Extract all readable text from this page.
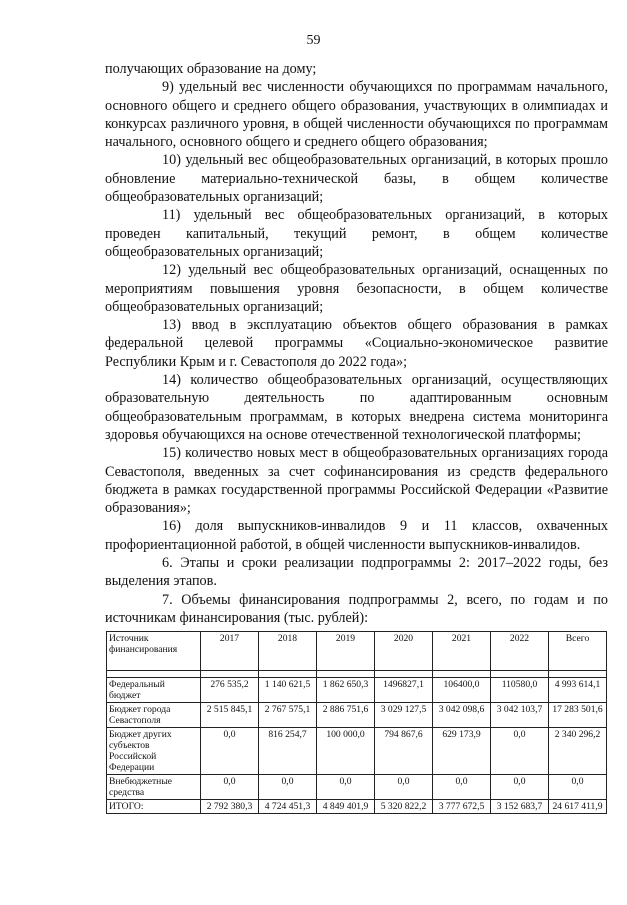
59

получающих образование на дому;

9) удельный вес численности обучающихся по программам начального, основного общего и среднего общего образования, участвующих в олимпиадах и конкурсах различного уровня, в общей численности обучающихся по программам начального, основного общего и среднего общего образования;

10) удельный вес общеобразовательных организаций, в которых прошло обновление материально-технической базы, в общем количестве общеобразовательных организаций;

11) удельный вес общеобразовательных организаций, в которых проведен капитальный, текущий ремонт, в общем количестве общеобразовательных организаций;

12) удельный вес общеобразовательных организаций, оснащенных по мероприятиям повышения уровня безопасности, в общем количестве общеобразовательных организаций;

13) ввод в эксплуатацию объектов общего образования в рамках федеральной целевой программы «Социально-экономическое развитие Республики Крым и г. Севастополя до 2022 года»;

14) количество общеобразовательных организаций, осуществляющих образовательную деятельность по адаптированным основным общеобразовательным программам, в которых внедрена система мониторинга здоровья обучающихся на основе отечественной технологической платформы;

15) количество новых мест в общеобразовательных организациях города Севастополя, введенных за счет софинансирования из средств федерального бюджета в рамках государственной программы Российской Федерации «Развитие образования»;

16) доля выпускников-инвалидов 9 и 11 классов, охваченных профориентационной работой, в общей численности выпускников-инвалидов.

6. Этапы и сроки реализации подпрограммы 2: 2017–2022 годы, без выделения этапов.

7. Объемы финансирования подпрограммы 2, всего, по годам и по источникам финансирования (тыс. рублей):

Источник финансирования	2017	2018	2019	2020	2021	2022	Всего

Федеральный бюджет	276 535,2	1 140 621,5	1 862 650,3	1496827,1	106400,0	110580,0	4 993 614,1
Бюджет города Севастополя	2 515 845,1	2 767 575,1	2 886 751,6	3 029 127,5	3 042 098,6	3 042 103,7	17 283 501,6
Бюджет других субъектов Российской Федерации	0,0	816 254,7	100 000,0	794 867,6	629 173,9	0,0	2 340 296,2
Внебюджетные средства	0,0	0,0	0,0	0,0	0,0	0,0	0,0
ИТОГО:	2 792 380,3	4 724 451,3	4 849 401,9	5 320 822,2	3 777 672,5	3 152 683,7	24 617 411,9
